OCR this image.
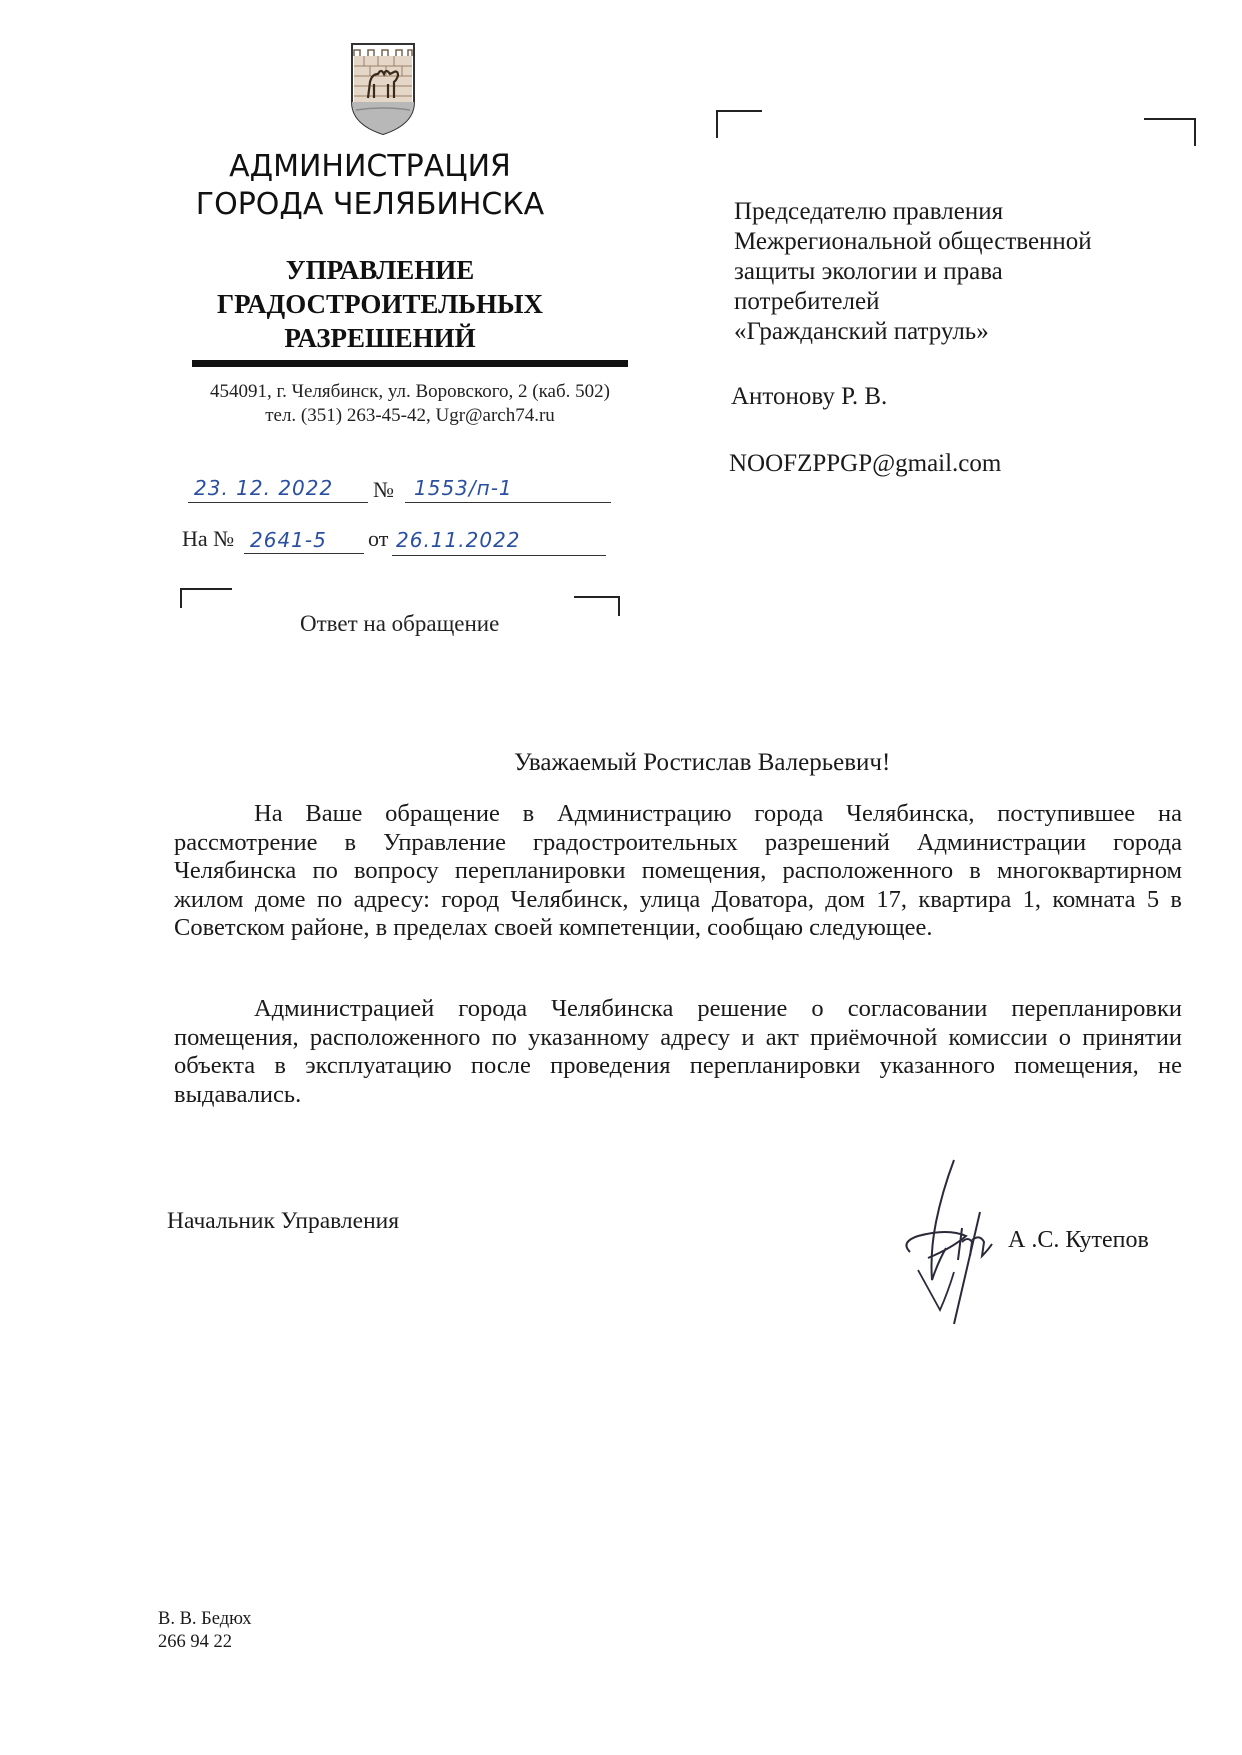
АДМИНИСТРАЦИЯ
ГОРОДА ЧЕЛЯБИНСКА
УПРАВЛЕНИЕ
ГРАДОСТРОИТЕЛЬНЫХ
РАЗРЕШЕНИЙ
454091, г. Челябинск, ул. Воровского, 2 (каб. 502)
тел. (351) 263-45-42, Ugr@arch74.ru
23. 12. 2022 № 1553/п-1
На № 2641-5 от 26.11.2022
Ответ на обращение
Председателю правления
Межрегиональной общественной
защиты экологии и права
потребителей
«Гражданский патруль»
Антонову Р. В.
NOOFZPPGP@gmail.com
Уважаемый Ростислав Валерьевич!
На Ваше обращение в Администрацию города Челябинска, поступившее на рассмотрение в Управление градостроительных разрешений Администрации города Челябинска по вопросу перепланировки помещения, расположенного в многоквартирном жилом доме по адресу: город Челябинск, улица Доватора, дом 17, квартира 1, комната 5 в Советском районе, в пределах своей компетенции, сообщаю следующее.
Администрацией города Челябинска решение о согласовании перепланировки помещения, расположенного по указанному адресу и акт приёмочной комиссии о принятии объекта в эксплуатацию после проведения перепланировки указанного помещения, не выдавались.
Начальник Управления
А .С. Кутепов
В. В. Бедюх
266 94 22
